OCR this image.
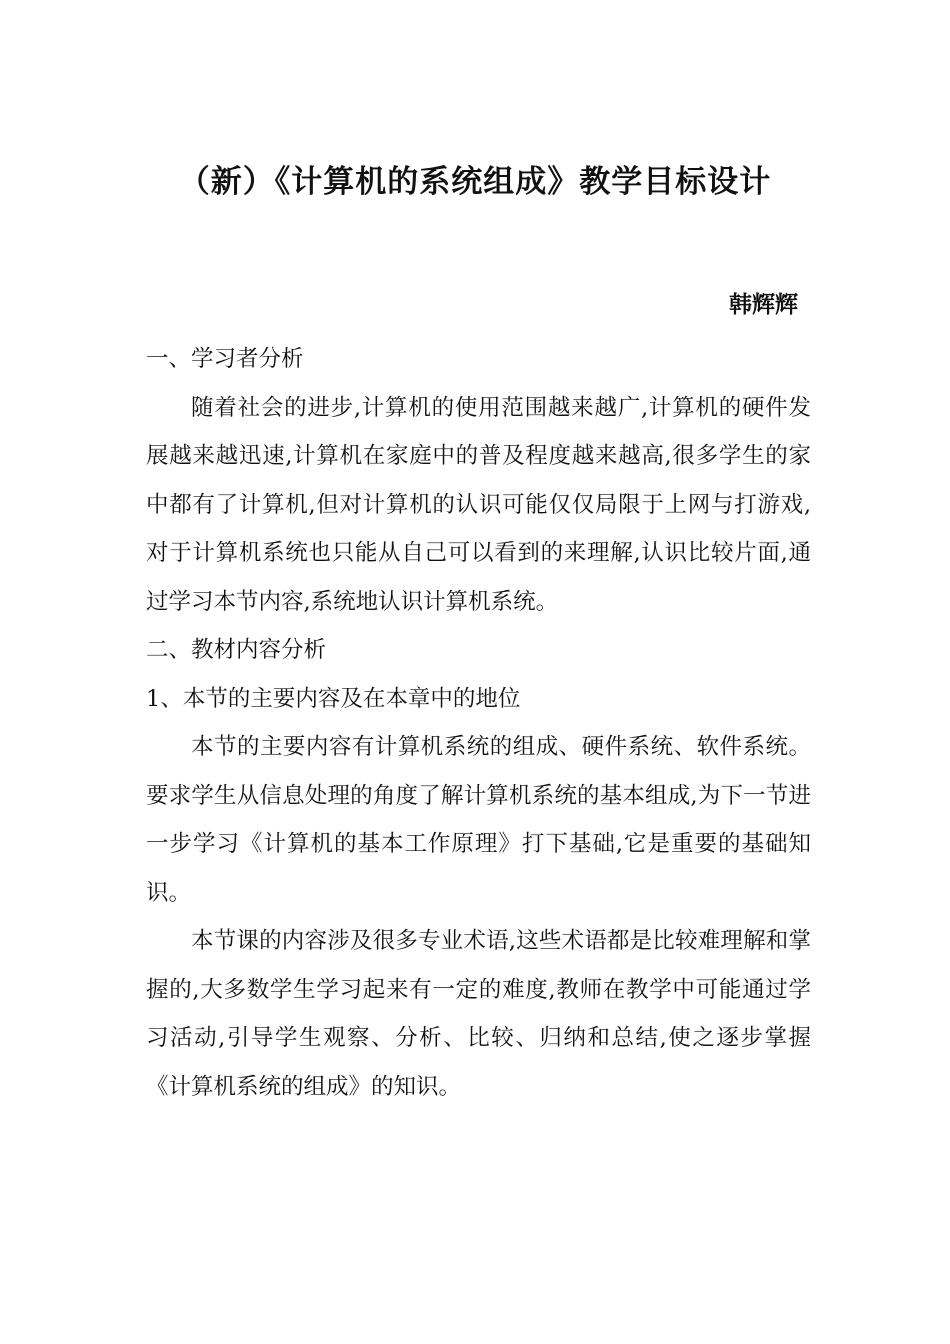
（新）《计算机的系统组成》教学目标设计
韩辉辉

一、学习者分析

随着社会的进步,计算机的使用范围越来越广,计算机的硬件发展越来越迅速,计算机在家庭中的普及程度越来越高,很多学生的家中都有了计算机,但对计算机的认识可能仅仅局限于上网与打游戏,对于计算机系统也只能从自己可以看到的来理解,认识比较片面,通过学习本节内容,系统地认识计算机系统。

二、教材内容分析

1、本节的主要内容及在本章中的地位

本节的主要内容有计算机系统的组成、硬件系统、软件系统。要求学生从信息处理的角度了解计算机系统的基本组成,为下一节进一步学习《计算机的基本工作原理》打下基础,它是重要的基础知识。

本节课的内容涉及很多专业术语,这些术语都是比较难理解和掌握的,大多数学生学习起来有一定的难度,教师在教学中可能通过学习活动,引导学生观察、分析、比较、归纳和总结,使之逐步掌握《计算机系统的组成》的知识。
